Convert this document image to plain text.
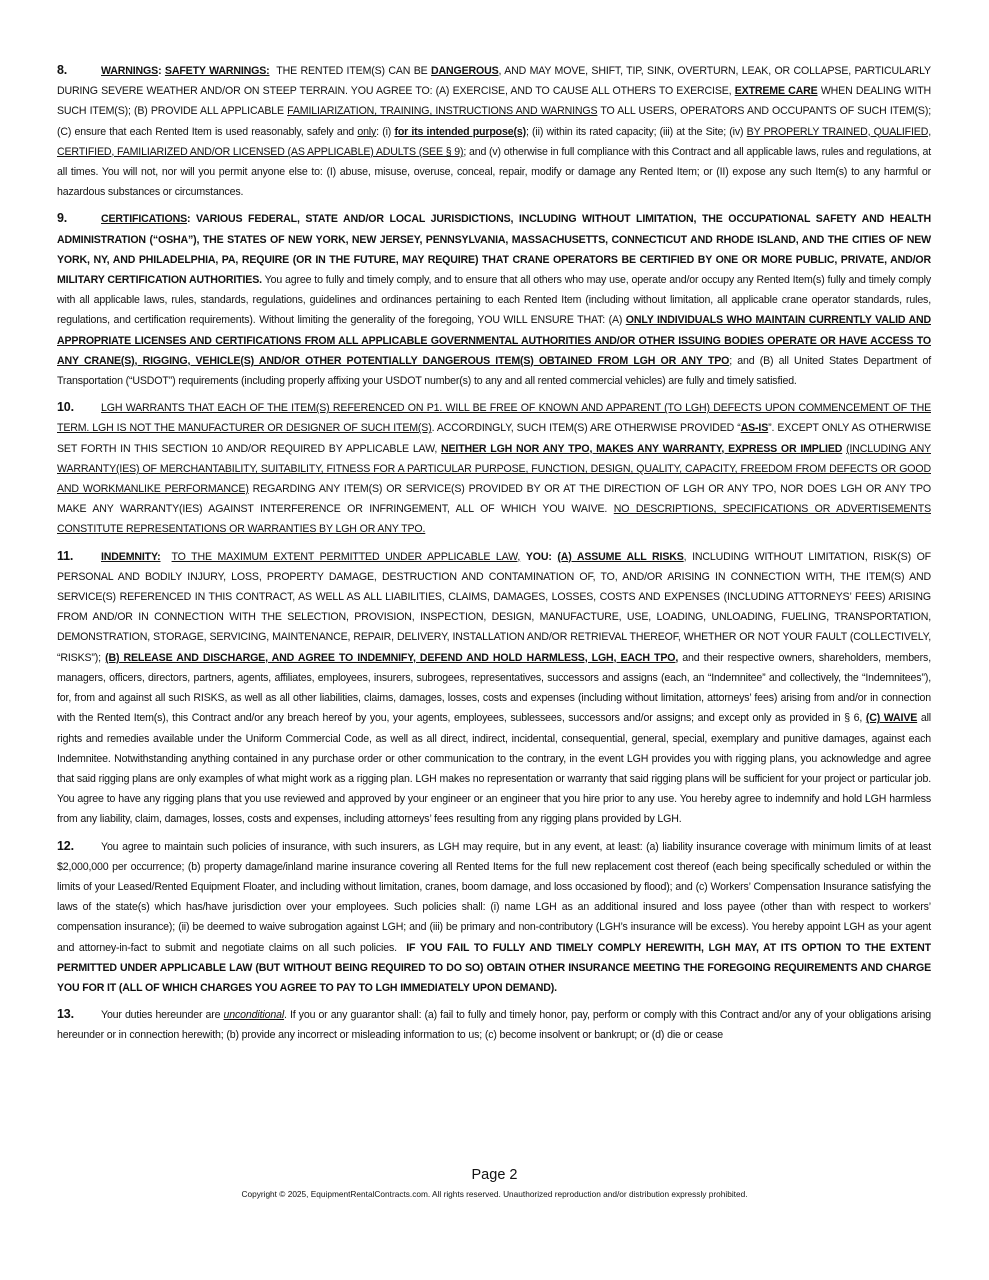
8.	WARNINGS: SAFETY WARNINGS: THE RENTED ITEM(S) CAN BE DANGEROUS, AND MAY MOVE, SHIFT, TIP, SINK, OVERTURN, LEAK, OR COLLAPSE, PARTICULARLY DURING SEVERE WEATHER AND/OR ON STEEP TERRAIN. YOU AGREE TO: (A) EXERCISE, AND TO CAUSE ALL OTHERS TO EXERCISE, EXTREME CARE WHEN DEALING WITH SUCH ITEM(S); (B) PROVIDE ALL APPLICABLE FAMILIARIZATION, TRAINING, INSTRUCTIONS AND WARNINGS TO ALL USERS, OPERATORS AND OCCUPANTS OF SUCH ITEM(S); (C) ensure that each Rented Item is used reasonably, safely and only: (i) for its intended purpose(s); (ii) within its rated capacity; (iii) at the Site; (iv) BY PROPERLY TRAINED, QUALIFIED, CERTIFIED, FAMILIARIZED AND/OR LICENSED (AS APPLICABLE) ADULTS (SEE § 9); and (v) otherwise in full compliance with this Contract and all applicable laws, rules and regulations, at all times. You will not, nor will you permit anyone else to: (I) abuse, misuse, overuse, conceal, repair, modify or damage any Rented Item; or (II) expose any such Item(s) to any harmful or hazardous substances or circumstances.

9.	CERTIFICATIONS: VARIOUS FEDERAL, STATE AND/OR LOCAL JURISDICTIONS, INCLUDING WITHOUT LIMITATION, THE OCCUPATIONAL SAFETY AND HEALTH ADMINISTRATION (“OSHA”), THE STATES OF NEW YORK, NEW JERSEY, PENNSYLVANIA, MASSACHUSETTS, CONNECTICUT AND RHODE ISLAND, AND THE CITIES OF NEW YORK, NY, AND PHILADELPHIA, PA, REQUIRE (OR IN THE FUTURE, MAY REQUIRE) THAT CRANE OPERATORS BE CERTIFIED BY ONE OR MORE PUBLIC, PRIVATE, AND/OR MILITARY CERTIFICATION AUTHORITIES. You agree to fully and timely comply, and to ensure that all others who may use, operate and/or occupy any Rented Item(s) fully and timely comply with all applicable laws, rules, standards, regulations, guidelines and ordinances pertaining to each Rented Item (including without limitation, all applicable crane operator standards, rules, regulations, and certification requirements). Without limiting the generality of the foregoing, YOU WILL ENSURE THAT: (A) ONLY INDIVIDUALS WHO MAINTAIN CURRENTLY VALID AND APPROPRIATE LICENSES AND CERTIFICATIONS FROM ALL APPLICABLE GOVERNMENTAL AUTHORITIES AND/OR OTHER ISSUING BODIES OPERATE OR HAVE ACCESS TO ANY CRANE(S), RIGGING, VEHICLE(S) AND/OR OTHER POTENTIALLY DANGEROUS ITEM(S) OBTAINED FROM LGH OR ANY TPO; and (B) all United States Department of Transportation (“USDOT”) requirements (including properly affixing your USDOT number(s) to any and all rented commercial vehicles) are fully and timely satisfied.

10.	LGH WARRANTS THAT EACH OF THE ITEM(S) REFERENCED ON P1. WILL BE FREE OF KNOWN AND APPARENT (TO LGH) DEFECTS UPON COMMENCEMENT OF THE TERM. LGH IS NOT THE MANUFACTURER OR DESIGNER OF SUCH ITEM(S). ACCORDINGLY, SUCH ITEM(S) ARE OTHERWISE PROVIDED “AS-IS”. EXCEPT ONLY AS OTHERWISE SET FORTH IN THIS SECTION 10 AND/OR REQUIRED BY APPLICABLE LAW, NEITHER LGH NOR ANY TPO, MAKES ANY WARRANTY, EXPRESS OR IMPLIED (INCLUDING ANY WARRANTY(IES) OF MERCHANTABILITY, SUITABILITY, FITNESS FOR A PARTICULAR PURPOSE, FUNCTION, DESIGN, QUALITY, CAPACITY, FREEDOM FROM DEFECTS OR GOOD AND WORKMANLIKE PERFORMANCE) REGARDING ANY ITEM(S) OR SERVICE(S) PROVIDED BY OR AT THE DIRECTION OF LGH OR ANY TPO, NOR DOES LGH OR ANY TPO MAKE ANY WARRANTY(IES) AGAINST INTERFERENCE OR INFRINGEMENT, ALL OF WHICH YOU WAIVE. NO DESCRIPTIONS, SPECIFICATIONS OR ADVERTISEMENTS CONSTITUTE REPRESENTATIONS OR WARRANTIES BY LGH OR ANY TPO.

11.	INDEMNITY: TO THE MAXIMUM EXTENT PERMITTED UNDER APPLICABLE LAW, YOU: (A) ASSUME ALL RISKS, INCLUDING WITHOUT LIMITATION, RISK(S) OF PERSONAL AND BODILY INJURY, LOSS, PROPERTY DAMAGE, DESTRUCTION AND CONTAMINATION OF, TO, AND/OR ARISING IN CONNECTION WITH, THE ITEM(S) AND SERVICE(S) REFERENCED IN THIS CONTRACT, AS WELL AS ALL LIABILITIES, CLAIMS, DAMAGES, LOSSES, COSTS AND EXPENSES (INCLUDING ATTORNEYS’ FEES) ARISING FROM AND/OR IN CONNECTION WITH THE SELECTION, PROVISION, INSPECTION, DESIGN, MANUFACTURE, USE, LOADING, UNLOADING, FUELING, TRANSPORTATION, DEMONSTRATION, STORAGE, SERVICING, MAINTENANCE, REPAIR, DELIVERY, INSTALLATION AND/OR RETRIEVAL THEREOF, WHETHER OR NOT YOUR FAULT (COLLECTIVELY, “RISKS”); (B) RELEASE AND DISCHARGE, AND AGREE TO INDEMNIFY, DEFEND AND HOLD HARMLESS, LGH, EACH TPO, and their respective owners, shareholders, members, managers, officers, directors, partners, agents, affiliates, employees, insurers, subrogees, representatives, successors and assigns (each, an “Indemnitee” and collectively, the “Indemnitees”), for, from and against all such RISKS, as well as all other liabilities, claims, damages, losses, costs and expenses (including without limitation, attorneys’ fees) arising from and/or in connection with the Rented Item(s), this Contract and/or any breach hereof by you, your agents, employees, sublessees, successors and/or assigns; and except only as provided in § 6, (C) WAIVE all rights and remedies available under the Uniform Commercial Code, as well as all direct, indirect, incidental, consequential, general, special, exemplary and punitive damages, against each Indemnitee. Notwithstanding anything contained in any purchase order or other communication to the contrary, in the event LGH provides you with rigging plans, you acknowledge and agree that said rigging plans are only examples of what might work as a rigging plan. LGH makes no representation or warranty that said rigging plans will be sufficient for your project or particular job. You agree to have any rigging plans that you use reviewed and approved by your engineer or an engineer that you hire prior to any use. You hereby agree to indemnify and hold LGH harmless from any liability, claim, damages, losses, costs and expenses, including attorneys’ fees resulting from any rigging plans provided by LGH.

12.	You agree to maintain such policies of insurance, with such insurers, as LGH may require, but in any event, at least: (a) liability insurance coverage with minimum limits of at least $2,000,000 per occurrence; (b) property damage/inland marine insurance covering all Rented Items for the full new replacement cost thereof (each being specifically scheduled or within the limits of your Leased/Rented Equipment Floater, and including without limitation, cranes, boom damage, and loss occasioned by flood); and (c) Workers’ Compensation Insurance satisfying the laws of the state(s) which has/have jurisdiction over your employees. Such policies shall: (i) name LGH as an additional insured and loss payee (other than with respect to workers’ compensation insurance); (ii) be deemed to waive subrogation against LGH; and (iii) be primary and non-contributory (LGH’s insurance will be excess). You hereby appoint LGH as your agent and attorney-in-fact to submit and negotiate claims on all such policies. IF YOU FAIL TO FULLY AND TIMELY COMPLY HEREWITH, LGH MAY, AT ITS OPTION TO THE EXTENT PERMITTED UNDER APPLICABLE LAW (BUT WITHOUT BEING REQUIRED TO DO SO) OBTAIN OTHER INSURANCE MEETING THE FOREGOING REQUIREMENTS AND CHARGE YOU FOR IT (ALL OF WHICH CHARGES YOU AGREE TO PAY TO LGH IMMEDIATELY UPON DEMAND).

13.	Your duties hereunder are unconditional. If you or any guarantor shall: (a) fail to fully and timely honor, pay, perform or comply with this Contract and/or any of your obligations arising hereunder or in connection herewith; (b) provide any incorrect or misleading information to us; (c) become insolvent or bankrupt; or (d) die or cease

Page 2
Copyright © 2025, EquipmentRentalContracts.com. All rights reserved. Unauthorized reproduction and/or distribution expressly prohibited.
